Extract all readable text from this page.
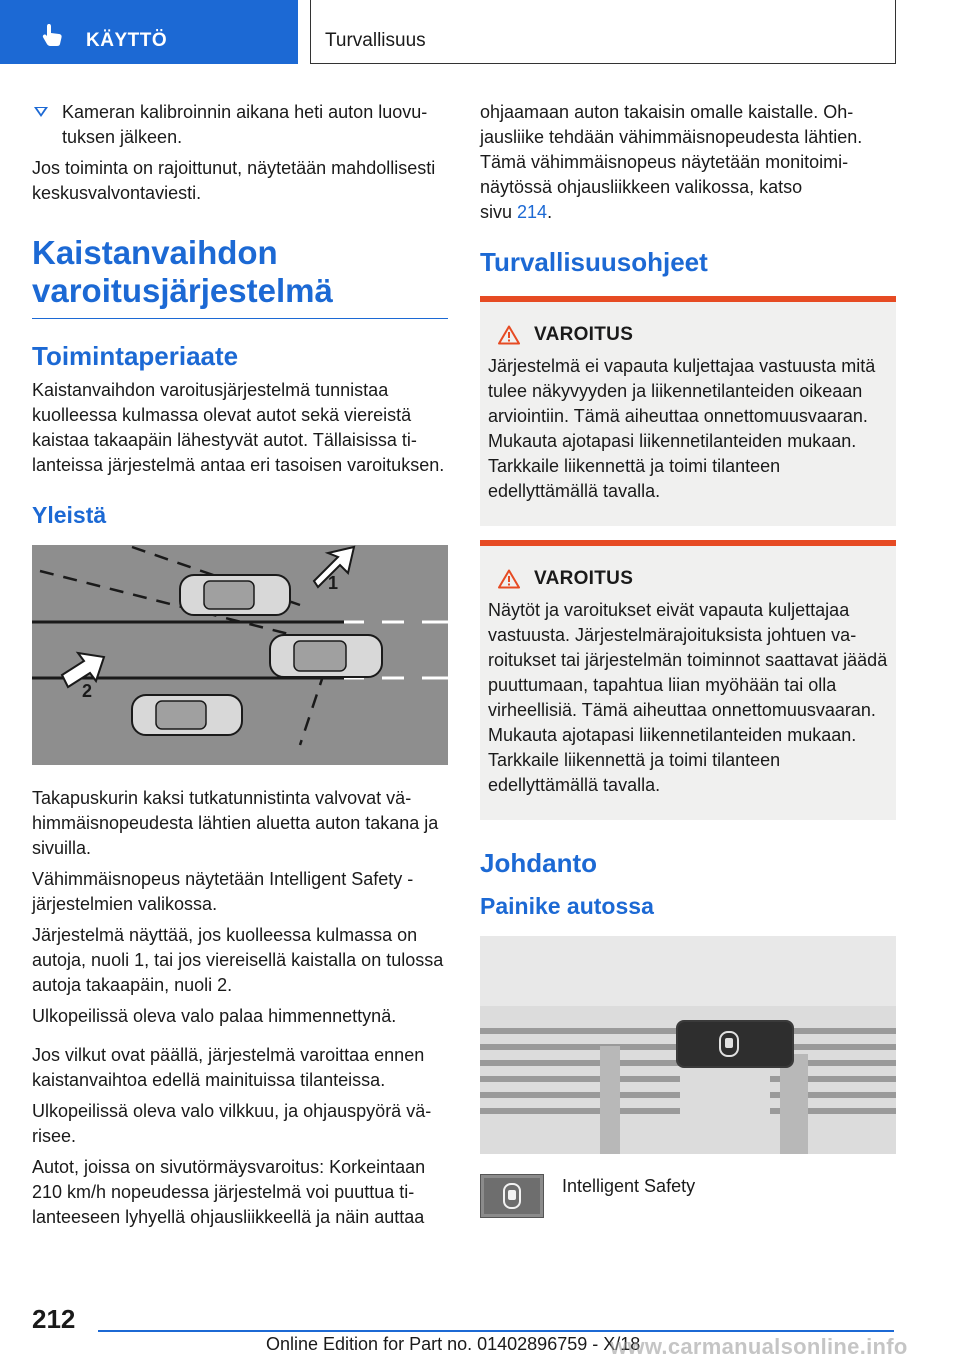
KÄYTTÖ	Turvallisuus
Kameran kalibroinnin aikana heti auton luovutuksen jälkeen.

Jos toiminta on rajoittunut, näytetään mahdollisesti keskusvalvontaviesti.

Kaistanvaihdon varoitusjärjestelmä
Toimintaperiaate

Kaistanvaihdon varoitusjärjestelmä tunnistaa kuolleessa kulmassa olevat autot sekä viereistä kaistaa takaapäin lähestyvät autot. Tällaisissa tilanteissa järjestelmä antaa eri tasoisen varoituksen.

Yleistä
1
2

Takapuskurin kaksi tutkatunnistinta valvovat vähimmäisnopeudesta lähtien aluetta auton takana ja sivuilla.

Vähimmäisnopeus näytetään Intelligent Safety -järjestelmien valikossa.

Järjestelmä näyttää, jos kuolleessa kulmassa on autoja, nuoli 1, tai jos viereisellä kaistalla on tulossa autoja takaapäin, nuoli 2.

Ulkopeilissä oleva valo palaa himmennettynä.

Jos vilkut ovat päällä, järjestelmä varoittaa ennen kaistanvaihtoa edellä mainituissa tilanteissa.

Ulkopeilissä oleva valo vilkkuu, ja ohjauspyörä värisee.

Autot, joissa on sivutörmäysvaroitus: Korkeintaan 210 km/h nopeudessa järjestelmä voi puuttua tilanteeseen lyhyellä ohjausliikkeellä ja näin auttaa

ohjaamaan auton takaisin omalle kaistalle. Ohjausliike tehdään vähimmäisnopeudesta lähtien. Tämä vähimmäisnopeus näytetään monitoiminäytössä ohjausliikkeen valikossa, katso
sivu 214.

Turvallisuusohjeet
VAROITUS

Järjestelmä ei vapauta kuljettajaa vastuusta mitä tulee näkyvyyden ja liikennetilanteiden oikeaan arviointiin. Tämä aiheuttaa onnettomuusvaaran. Mukauta ajotapasi liikennetilanteiden mukaan. Tarkkaile liikennettä ja toimi tilanteen edellyttämällä tavalla.

VAROITUS

Näytöt ja varoitukset eivät vapauta kuljettajaa vastuusta. Järjestelmärajoituksista johtuen varoitukset tai järjestelmän toiminnot saattavat jäädä puuttumaan, tapahtua liian myöhään tai olla virheellisiä. Tämä aiheuttaa onnettomuusvaaran. Mukauta ajotapasi liikennetilanteiden mukaan. Tarkkaile liikennettä ja toimi tilanteen edellyttämällä tavalla.

Johdanto
Painike autossa
Intelligent Safety
212
Online Edition for Part no. 01402896759 - X/18
www.carmanualsonline.info
